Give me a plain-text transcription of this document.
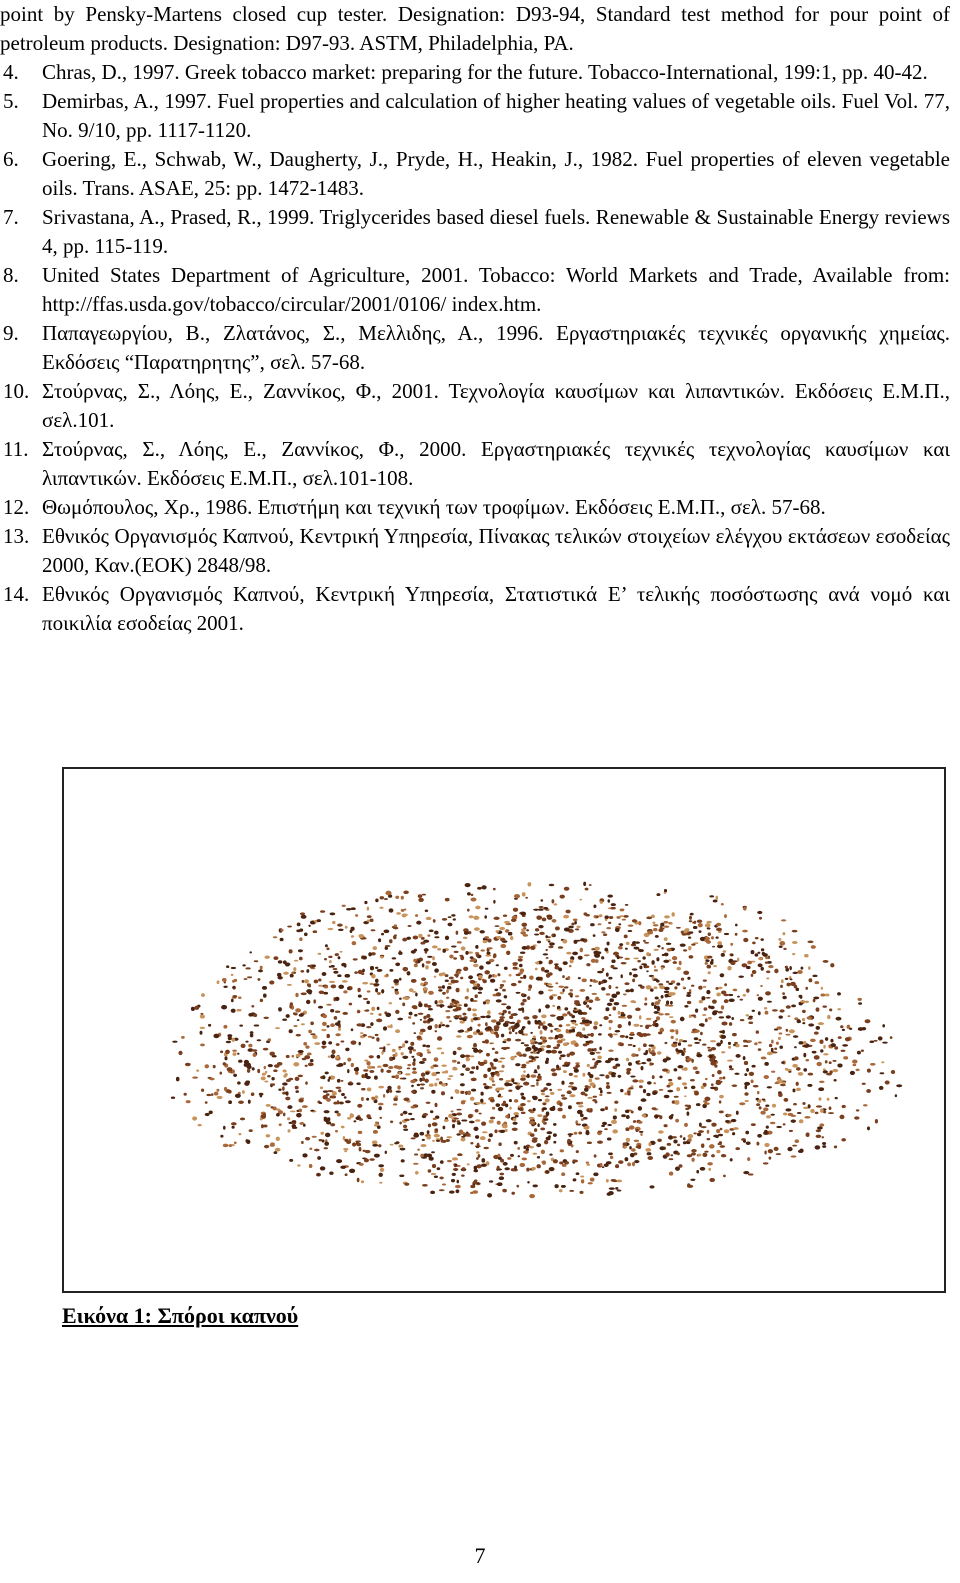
point by Pensky-Martens closed cup tester. Designation: D93-94, Standard test method for pour point of petroleum products. Designation: D97-93. ASTM, Philadelphia, PA.
4. Chras, D., 1997. Greek tobacco market: preparing for the future. Tobacco-International, 199:1, pp. 40-42.
5. Demirbas, A., 1997. Fuel properties and calculation of higher heating values of vegetable oils. Fuel Vol. 77, No. 9/10, pp. 1117-1120.
6. Goering, E., Schwab, W., Daugherty, J., Pryde, H., Heakin, J., 1982. Fuel properties of eleven vegetable oils. Trans. ASAE, 25: pp. 1472-1483.
7. Srivastana, A., Prased, R., 1999. Triglycerides based diesel fuels. Renewable & Sustainable Energy reviews 4, pp. 115-119.
8. United States Department of Agriculture, 2001. Tobacco: World Markets and Trade, Available from: http://ffas.usda.gov/tobacco/circular/2001/0106/ index.htm.
9. Παπαγεωργίου, Β., Ζλατάνος, Σ., Μελλιδης, Α., 1996. Εργαστηριακές τεχνικές οργανικής χημείας. Εκδόσεις “Παρατηρητης”, σελ. 57-68.
10. Στούρνας, Σ., Λόης, Ε., Ζαννίκος, Φ., 2001. Τεχνολογία καυσίμων και λιπαντικών. Εκδόσεις Ε.Μ.Π., σελ.101.
11. Στούρνας, Σ., Λόης, Ε., Ζαννίκος, Φ., 2000. Εργαστηριακές τεχνικές τεχνολογίας καυσίμων και λιπαντικών. Εκδόσεις Ε.Μ.Π., σελ.101-108.
12. Θωμόπουλος, Χρ., 1986. Επιστήμη και τεχνική των τροφίμων. Εκδόσεις Ε.Μ.Π., σελ. 57-68.
13. Εθνικός Οργανισμός Καπνού, Κεντρική Υπηρεσία, Πίνακας τελικών στοιχείων ελέγχου εκτάσεων εσοδείας 2000, Καν.(ΕΟΚ) 2848/98.
14. Εθνικός Οργανισμός Καπνού, Κεντρική Υπηρεσία, Στατιστικά Ε’ τελικής ποσόστωσης ανά νομό και ποικιλία εσοδείας 2001.
Εικόνα 1: Σπόροι καπνού
7
